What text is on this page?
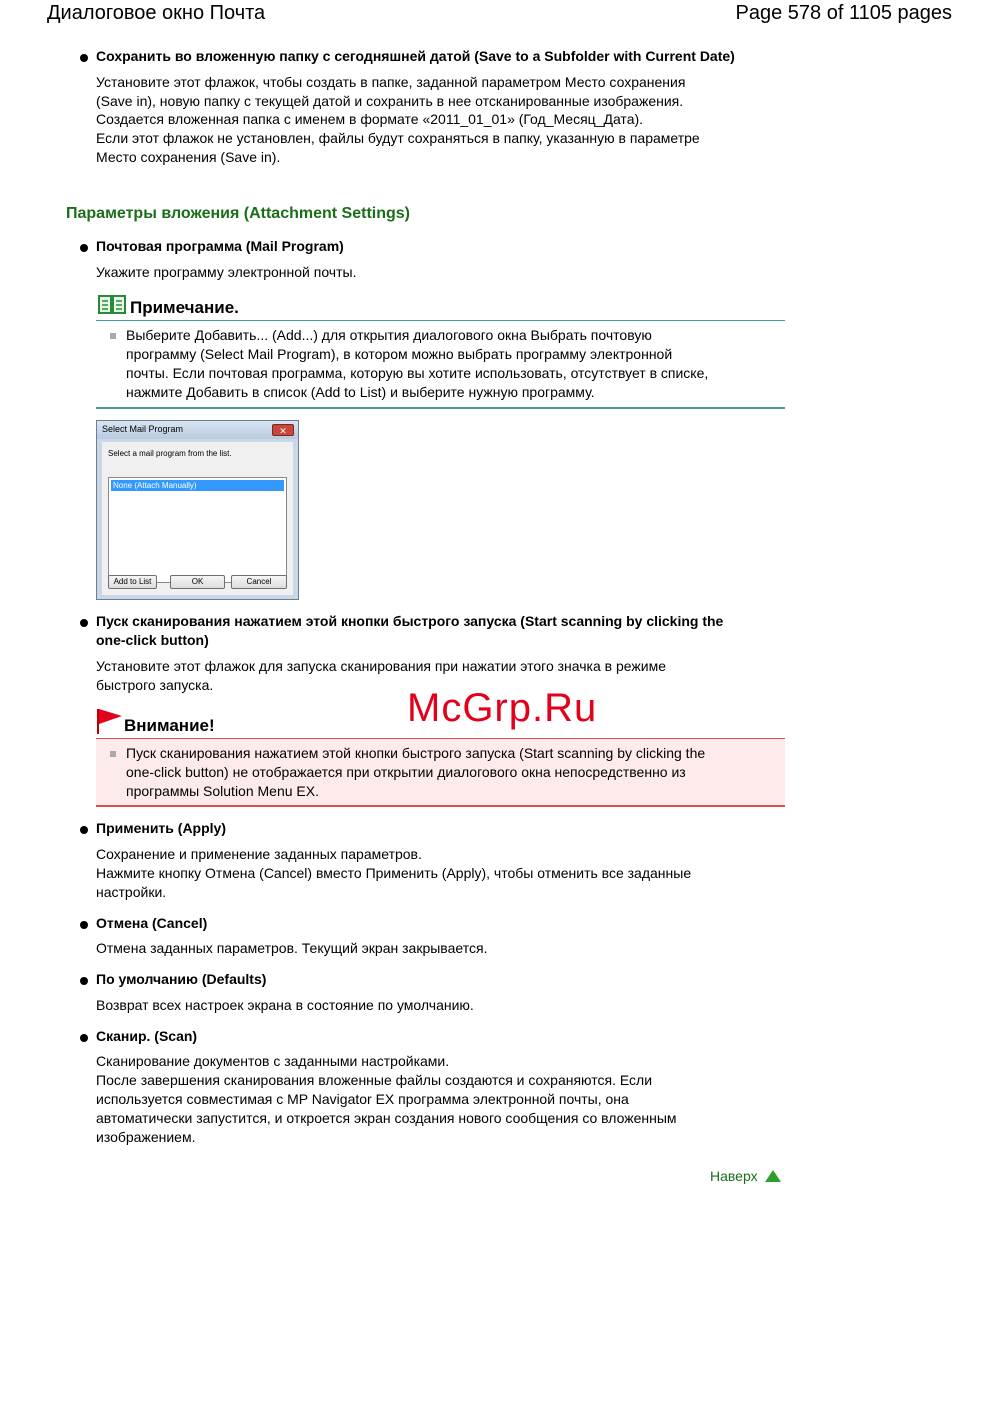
Диалоговое окно Почта	Page 578 of 1105 pages
Сохранить во вложенную папку с сегодняшней датой (Save to a Subfolder with Current Date)
Установите этот флажок, чтобы создать в папке, заданной параметром Место сохранения
(Save in), новую папку с текущей датой и сохранить в нее отсканированные изображения.
Создается вложенная папка с именем в формате «2011_01_01» (Год_Месяц_Дата).
Если этот флажок не установлен, файлы будут сохраняться в папку, указанную в параметре
Место сохранения (Save in).
Параметры вложения (Attachment Settings)
Почтовая программа (Mail Program)
Укажите программу электронной почты.
Примечание.
Выберите Добавить... (Add...) для открытия диалогового окна Выбрать почтовую
программу (Select Mail Program), в котором можно выбрать программу электронной
почты. Если почтовая программа, которую вы хотите использовать, отсутствует в списке,
нажмите Добавить в список (Add to List) и выберите нужную программу.
Select Mail Program	✕
Select a mail program from the list.
None (Attach Manually)
Add to List	OK	Cancel
Пуск сканирования нажатием этой кнопки быстрого запуска (Start scanning by clicking the
one-click button)
Установите этот флажок для запуска сканирования при нажатии этого значка в режиме
быстрого запуска.
McGrp.Ru
Внимание!
Пуск сканирования нажатием этой кнопки быстрого запуска (Start scanning by clicking the
one-click button) не отображается при открытии диалогового окна непосредственно из
программы Solution Menu EX.
Применить (Apply)
Сохранение и применение заданных параметров.
Нажмите кнопку Отмена (Cancel) вместо Применить (Apply), чтобы отменить все заданные
настройки.
Отмена (Cancel)
Отмена заданных параметров. Текущий экран закрывается.
По умолчанию (Defaults)
Возврат всех настроек экрана в состояние по умолчанию.
Сканир. (Scan)
Сканирование документов с заданными настройками.
После завершения сканирования вложенные файлы создаются и сохраняются. Если
используется совместимая с MP Navigator EX программа электронной почты, она
автоматически запустится, и откроется экран создания нового сообщения со вложенным
изображением.
Наверх
